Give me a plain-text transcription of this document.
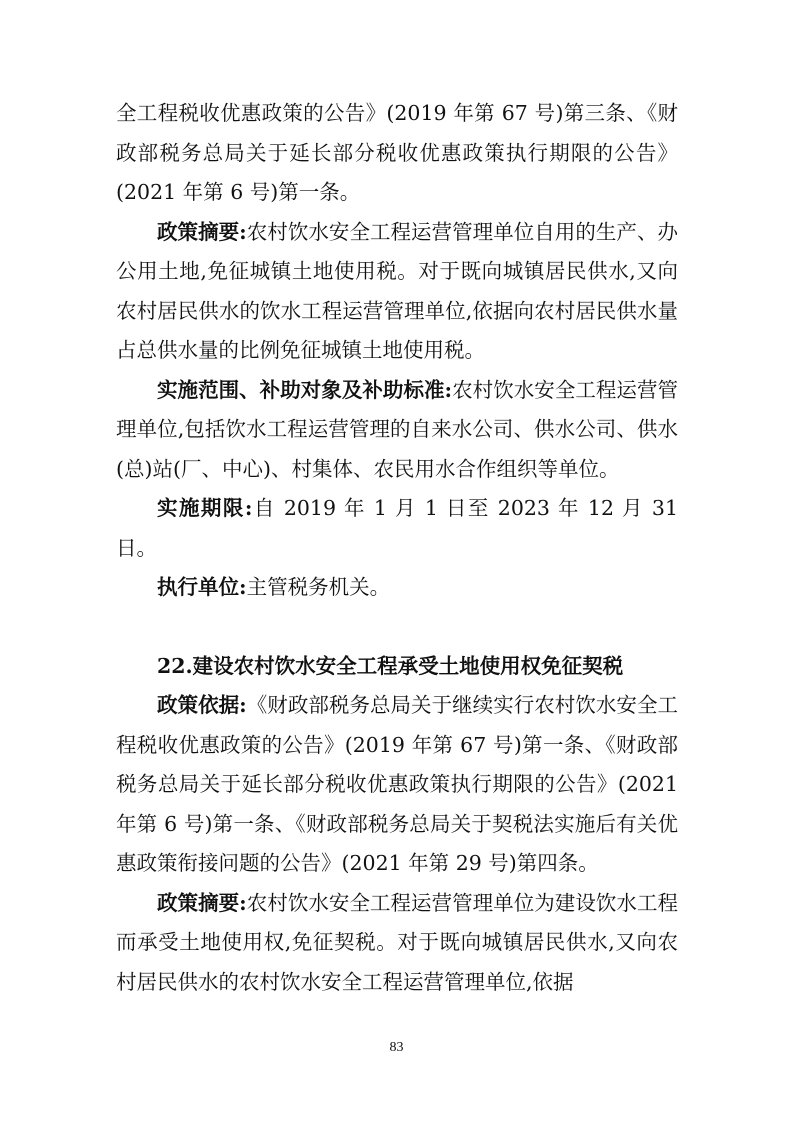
全工程税收优惠政策的公告》(2019 年第 67 号)第三条、《财政部税务总局关于延长部分税收优惠政策执行期限的公告》(2021 年第 6 号)第一条。

政策摘要:农村饮水安全工程运营管理单位自用的生产、办公用土地,免征城镇土地使用税。对于既向城镇居民供水,又向农村居民供水的饮水工程运营管理单位,依据向农村居民供水量占总供水量的比例免征城镇土地使用税。

实施范围、补助对象及补助标准:农村饮水安全工程运营管理单位,包括饮水工程运营管理的自来水公司、供水公司、供水(总)站(厂、中心)、村集体、农民用水合作组织等单位。

实施期限:自 2019 年 1 月 1 日至 2023 年 12 月 31 日。

执行单位:主管税务机关。

22.建设农村饮水安全工程承受土地使用权免征契税

政策依据:《财政部税务总局关于继续实行农村饮水安全工程税收优惠政策的公告》(2019 年第 67 号)第一条、《财政部税务总局关于延长部分税收优惠政策执行期限的公告》(2021 年第 6 号)第一条、《财政部税务总局关于契税法实施后有关优惠政策衔接问题的公告》(2021 年第 29 号)第四条。

政策摘要:农村饮水安全工程运营管理单位为建设饮水工程而承受土地使用权,免征契税。对于既向城镇居民供水,又向农村居民供水的农村饮水安全工程运营管理单位,依据

83
